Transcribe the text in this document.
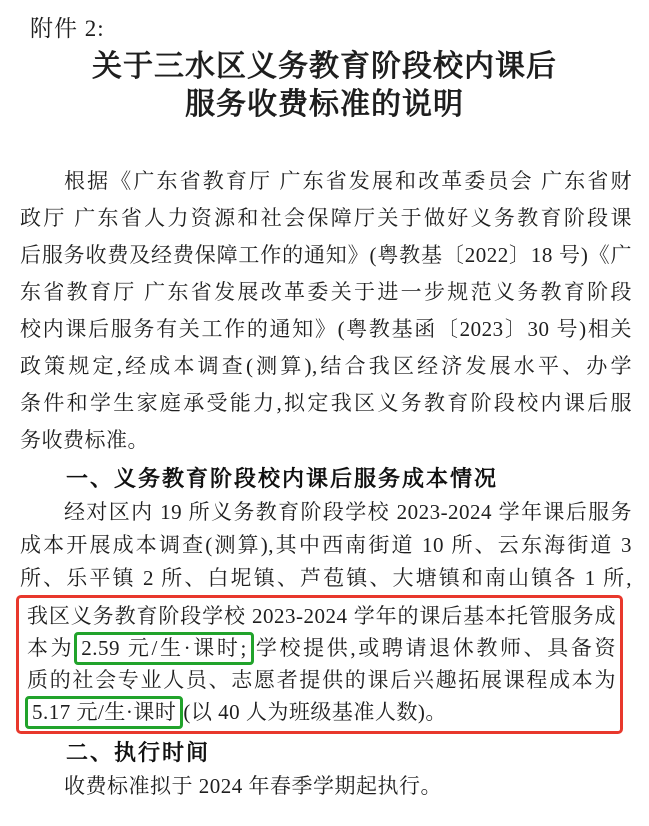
附件 2:
关于三水区义务教育阶段校内课后
服务收费标准的说明
根据《广东省教育厅 广东省发展和改革委员会 广东省财
政厅 广东省人力资源和社会保障厅关于做好义务教育阶段课
后服务收费及经费保障工作的通知》(粤教基〔2022〕18 号)《广
东省教育厅 广东省发展改革委关于进一步规范义务教育阶段
校内课后服务有关工作的通知》(粤教基函〔2023〕30 号)相关
政策规定,经成本调查(测算),结合我区经济发展水平、办学
条件和学生家庭承受能力,拟定我区义务教育阶段校内课后服
务收费标准。
一、义务教育阶段校内课后服务成本情况
经对区内 19 所义务教育阶段学校 2023-2024 学年课后服务
成本开展成本调查(测算),其中西南街道 10 所、云东海街道 3
所、乐平镇 2 所、白坭镇、芦苞镇、大塘镇和南山镇各 1 所,
我区义务教育阶段学校 2023-2024 学年的课后基本托管服务成
本为 2.59 元/生·课时; 学校提供,或聘请退休教师、具备资
质的社会专业人员、志愿者提供的课后兴趣拓展课程成本为
5.17 元/生·课时 (以 40 人为班级基准人数)。
二、执行时间
收费标准拟于 2024 年春季学期起执行。
